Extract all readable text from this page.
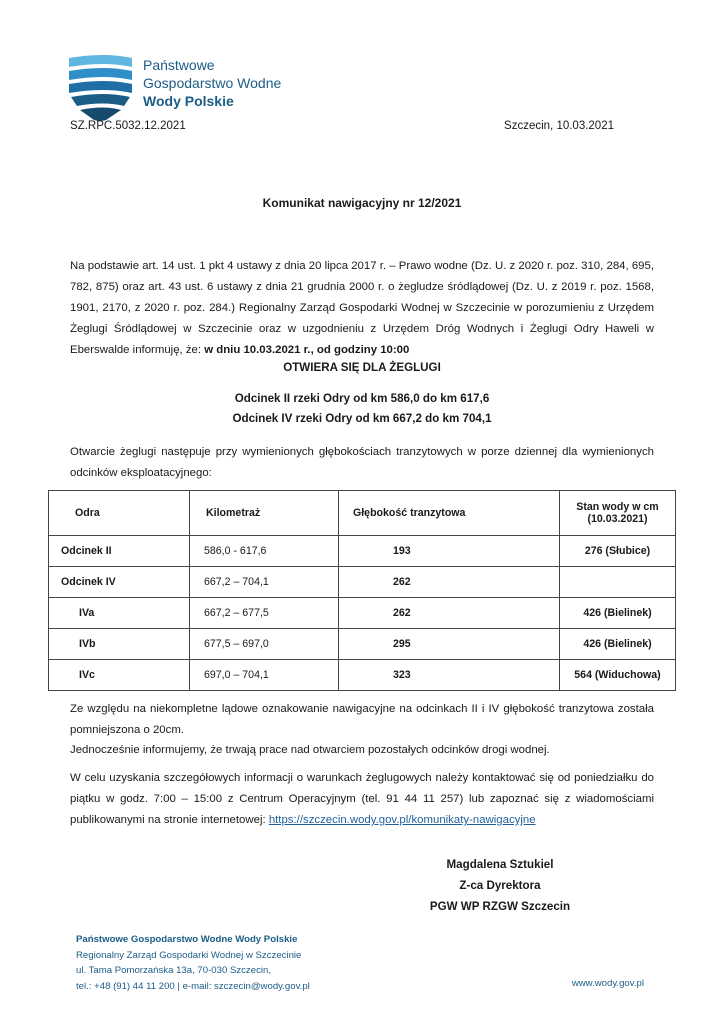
Państwowe
Gospodarstwo Wodne
Wody Polskie
SZ.RPC.5032.12.2021	Szczecin, 10.03.2021
Komunikat nawigacyjny nr 12/2021
Na podstawie art. 14 ust. 1 pkt 4 ustawy z dnia 20 lipca 2017 r. – Prawo wodne (Dz. U. z 2020 r. poz. 310, 284, 695, 782, 875) oraz art. 43 ust. 6 ustawy z dnia 21 grudnia 2000 r. o żegludze śródlądowej (Dz. U. z 2019 r. poz. 1568, 1901, 2170, z 2020 r. poz. 284.) Regionalny Zarząd Gospodarki Wodnej w Szczecinie w porozumieniu z Urzędem Żeglugi Śródlądowej w Szczecinie oraz w uzgodnieniu z Urzędem Dróg Wodnych i Żeglugi Odry Haweli w Eberswalde informuję, że: w dniu 10.03.2021 r., od godziny 10:00
OTWIERA SIĘ DLA ŻEGLUGI
Odcinek II rzeki Odry od km 586,0 do km 617,6
Odcinek IV rzeki Odry od km 667,2 do km 704,1
Otwarcie żeglugi następuje przy wymienionych głębokościach tranzytowych w porze dziennej dla wymienionych odcinków eksploatacyjnego:
Odra	Kilometraż	Głębokość tranzytowa	Stan wody w cm (10.03.2021)
Odcinek II	586,0 - 617,6	193	276 (Słubice)
Odcinek IV	667,2 – 704,1	262	
IVa	667,2 – 677,5	262	426 (Bielinek)
IVb	677,5 – 697,0	295	426 (Bielinek)
IVc	697,0 – 704,1	323	564 (Widuchowa)
Ze względu na niekompletne lądowe oznakowanie nawigacyjne na odcinkach II i IV głębokość tranzytowa została pomniejszona o 20cm.
Jednocześnie informujemy, że trwają prace nad otwarciem pozostałych odcinków drogi wodnej.
W celu uzyskania szczegółowych informacji o warunkach żeglugowych należy kontaktować się od poniedziałku do piątku w godz. 7:00 – 15:00 z Centrum Operacyjnym (tel. 91 44 11 257) lub zapoznać się z wiadomościami publikowanymi na stronie internetowej: https://szczecin.wody.gov.pl/komunikaty-nawigacyjne
Magdalena Sztukiel
Z-ca Dyrektora
PGW WP RZGW Szczecin
Państwowe Gospodarstwo Wodne Wody Polskie
Regionalny Zarząd Gospodarki Wodnej w Szczecinie
ul. Tama Pomorzańska 13a, 70-030 Szczecin,
tel.: +48 (91) 44 11 200 | e-mail: szczecin@wody.gov.pl	www.wody.gov.pl
